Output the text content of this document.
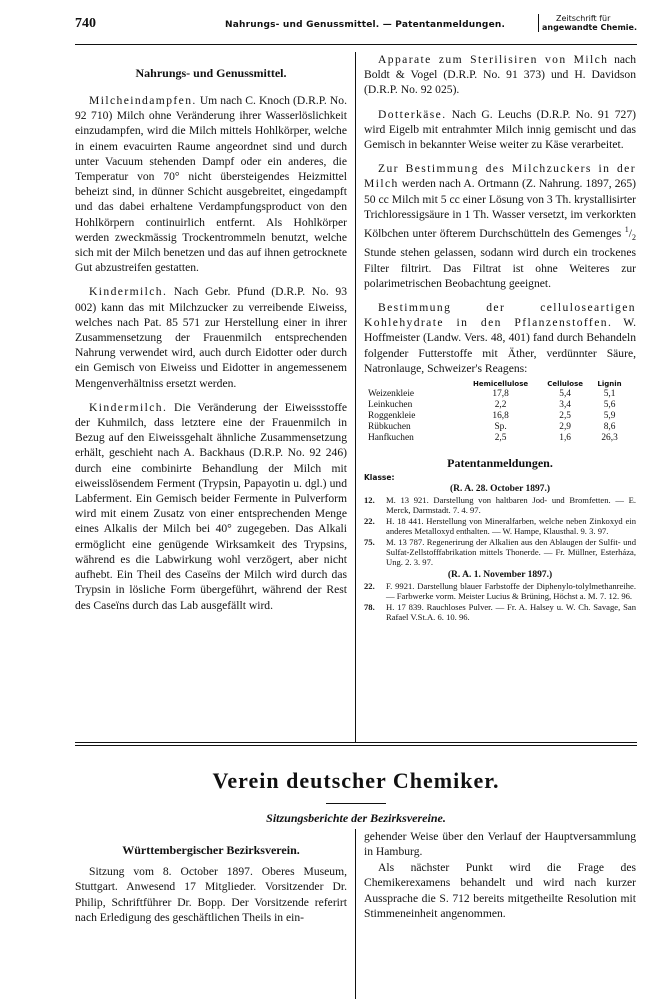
740	Nahrungs- und Genussmittel. — Patentanmeldungen.
Zeitschrift für
angewandte Chemie.
Nahrungs- und Genussmittel.

Milcheindampfen. Um nach C. Knoch (D.R.P. No. 92 710) Milch ohne Veränderung ihrer Wasserlöslichkeit einzudampfen, wird die Milch mittels Hohlkörper, welche in einem evacuirten Raume angeordnet sind und durch unter Vacuum stehenden Dampf oder ein anderes, die Temperatur von 70° nicht übersteigendes Heizmittel beheizt sind, in dünner Schicht ausgebreitet, eingedampft und das dabei erhaltene Verdampfungsproduct von den Hohlkörpern continuirlich entfernt. Als Hohlkörper werden zweckmässig Trockentrommeln benutzt, welche sich mit der Milch benetzen und das auf ihnen getrocknete Gut abzustreifen gestatten.

Kindermilch. Nach Gebr. Pfund (D.R.P. No. 93 002) kann das mit Milchzucker zu verreibende Eiweiss, welches nach Pat. 85 571 zur Herstellung einer in ihrer Zusammensetzung der Frauenmilch entsprechenden Nahrung verwendet wird, auch durch Eidotter oder durch ein Gemisch von Eiweiss und Eidotter in angemessenem Mengenverhältniss ersetzt werden.

Kindermilch. Die Veränderung der Eiweissstoffe der Kuhmilch, dass letztere eine der Frauenmilch in Bezug auf den Eiweissgehalt ähnliche Zusammensetzung erhält, geschieht nach A. Backhaus (D.R.P. No. 92 246) durch eine combinirte Behandlung der Milch mit eiweisslösendem Ferment (Trypsin, Papayotin u. dgl.) und Labferment. Ein Gemisch beider Fermente in Pulverform wird mit einem Zusatz von einer entsprechenden Menge eines Alkalis der Milch bei 40° zugegeben. Das Alkali ermöglicht eine genügende Wirksamkeit des Trypsins, während es die Labwirkung wohl verzögert, aber nicht aufhebt. Ein Theil des Caseïns der Milch wird durch das Trypsin in lösliche Form übergeführt, während der Rest des Caseïns durch das Lab ausgefällt wird.

Apparate zum Sterilisiren von Milch nach Boldt & Vogel (D.R.P. No. 91 373) und H. Davidson (D.R.P. No. 92 025).

Dotterkäse. Nach G. Leuchs (D.R.P. No. 91 727) wird Eigelb mit entrahmter Milch innig gemischt und das Gemisch in bekannter Weise weiter zu Käse verarbeitet.

Zur Bestimmung des Milchzuckers in der Milch werden nach A. Ortmann (Z. Nahrung. 1897, 265) 50 cc Milch mit 5 cc einer Lösung von 3 Th. krystallisirter Trichloressigsäure in 1 Th. Wasser versetzt, im verkorkten Kölbchen unter öfterem Durchschütteln des Gemenges $^1/_2$ Stunde stehen gelassen, sodann wird durch ein trockenes Filter filtrirt. Das Filtrat ist ohne Weiteres zur polarimetrischen Beobachtung geeignet.

Bestimmung der celluloseartigen Kohlehydrate in den Pflanzenstoffen. W. Hoffmeister (Landw. Vers. 48, 401) fand durch Behandeln folgender Futterstoffe mit Äther, verdünnter Säure, Natronlauge, Schweizer's Reagens:

	Hemicellulose	Cellulose	Lignin
Weizenkleie	17,8	5,4	5,1
Leinkuchen	2,2	3,4	5,6
Roggenkleie	16,8	2,5	5,9
Rübkuchen	Sp.	2,9	8,6
Hanfkuchen	2,5	1,6	26,3
Patentanmeldungen.
Klasse:
(R. A. 28. October 1897.)

12.	M. 13 921. Darstellung von haltbaren Jod- und Bromfetten. — E. Merck, Darmstadt. 7. 4. 97.

22.	H. 18 441. Herstellung von Mineralfarben, welche neben Zinkoxyd ein anderes Metalloxyd enthalten. — W. Hampe, Klausthal. 9. 3. 97.

75.	M. 13 787. Regenerirung der Alkalien aus den Ablaugen der Sulfit- und Sulfat-Zellstofffabrikation mittels Thonerde. — Fr. Müllner, Esterháza, Ung. 2. 3. 97.

(R. A. 1. November 1897.)

22.	F. 9921. Darstellung blauer Farbstoffe der Diphenylo-tolylmethanreihe. — Farbwerke vorm. Meister Lucius & Brüning, Höchst a. M. 7. 12. 96.

78.	H. 17 839. Rauchloses Pulver. — Fr. A. Halsey u. W. Ch. Savage, San Rafael V.St.A. 6. 10. 96.

Verein deutscher Chemiker.
Sitzungsberichte der Bezirksvereine.
Württembergischer Bezirksverein.

Sitzung vom 8. October 1897. Oberes Museum, Stuttgart. Anwesend 17 Mitglieder. Vorsitzender Dr. Philip, Schriftführer Dr. Bopp. Der Vorsitzende referirt nach Erledigung des geschäftlichen Theils in ein-

gehender Weise über den Verlauf der Hauptversammlung in Hamburg.

Als nächster Punkt wird die Frage des Chemikerexamens behandelt und wird nach kurzer Aussprache die S. 712 bereits mitgetheilte Resolution mit Stimmeneinheit angenommen.
